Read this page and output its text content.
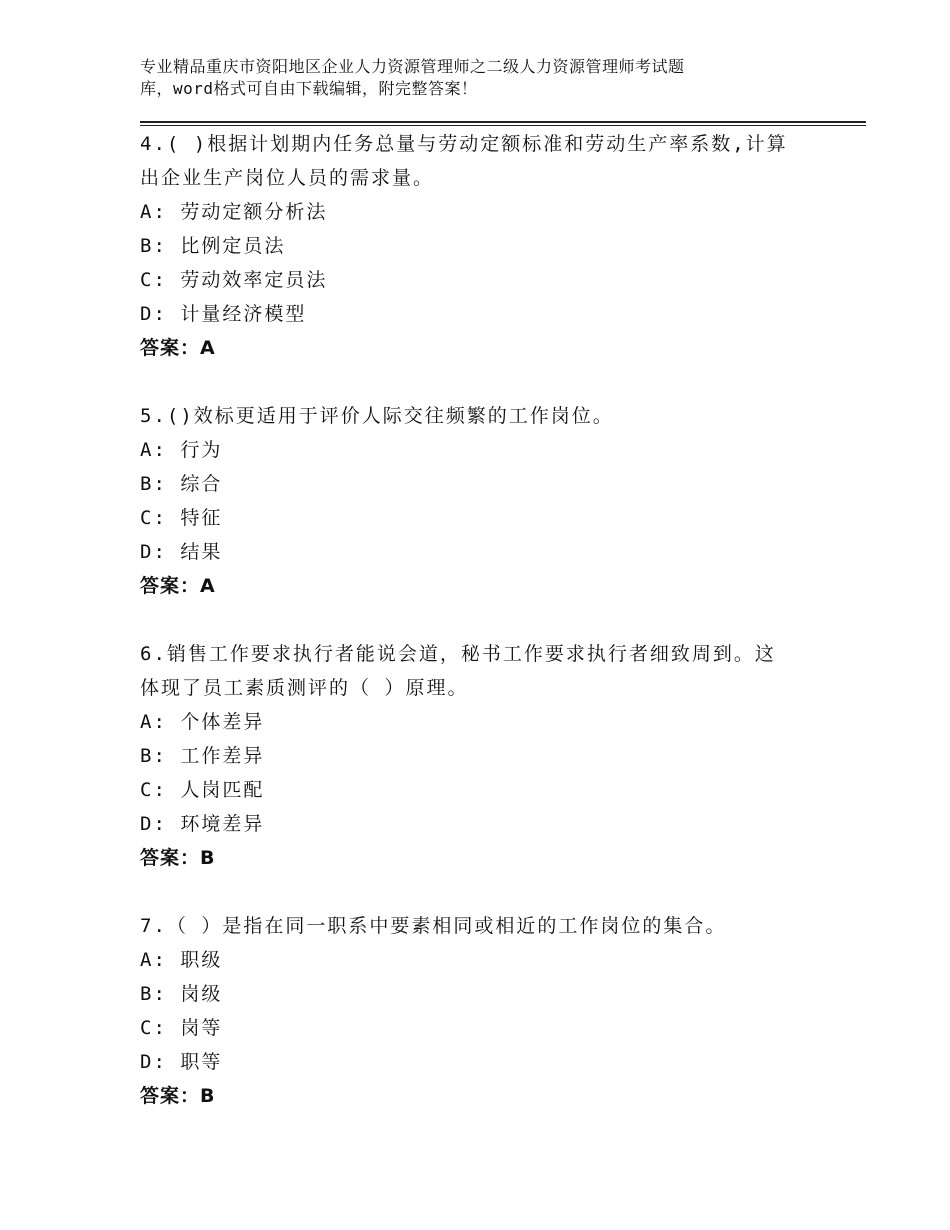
专业精品重庆市资阳地区企业人力资源管理师之二级人力资源管理师考试题
库，word格式可自由下载编辑，附完整答案！
4.( )根据计划期内任务总量与劳动定额标准和劳动生产率系数,计算
出企业生产岗位人员的需求量。
A: 劳动定额分析法
B: 比例定员法
C: 劳动效率定员法
D: 计量经济模型
答案：A
5.()效标更适用于评价人际交往频繁的工作岗位。
A: 行为
B: 综合
C: 特征
D: 结果
答案：A
6.销售工作要求执行者能说会道，秘书工作要求执行者细致周到。这
体现了员工素质测评的（ ）原理。
A: 个体差异
B: 工作差异
C: 人岗匹配
D: 环境差异
答案：B
7.（ ）是指在同一职系中要素相同或相近的工作岗位的集合。
A: 职级
B: 岗级
C: 岗等
D: 职等
答案：B
